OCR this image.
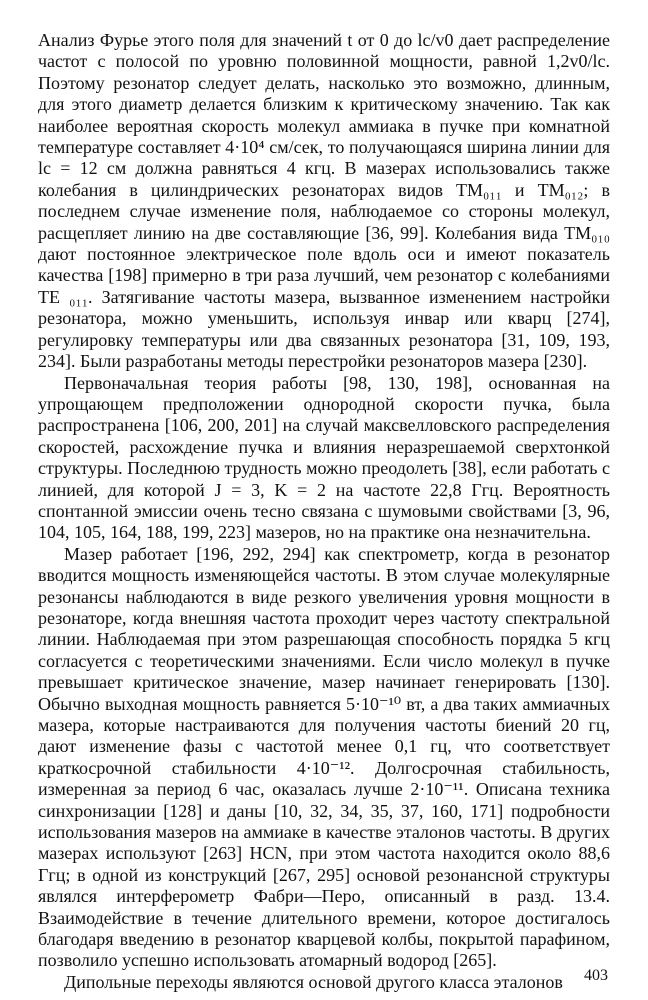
Анализ Фурье этого поля для значений t от 0 до lc/v0 дает распределение частот с полосой по уровню половинной мощности, равной 1,2v0/lc. Поэтому резонатор следует делать, насколько это возможно, длинным, для этого диаметр делается близким к критическому значению. Так как наиболее вероятная скорость молекул аммиака в пучке при комнатной температуре составляет 4·10⁴ см/сек, то получающаяся ширина линии для lc = 12 см должна равняться 4 кгц. В мазерах использовались также колебания в цилиндрических резонаторах видов TM₀₁₁ и TM₀₁₂; в последнем случае изменение поля, наблюдаемое со стороны молекул, расщепляет линию на две составляющие [36, 99]. Колебания вида TM₀₁₀ дают постоянное электрическое поле вдоль оси и имеют показатель качества [198] примерно в три раза лучший, чем резонатор с колебаниями TE ₀₁₁. Затягивание частоты мазера, вызванное изменением настройки резонатора, можно уменьшить, используя инвар или кварц [274], регулировку температуры или два связанных резонатора [31, 109, 193, 234]. Были разработаны методы перестройки резонаторов мазера [230].

Первоначальная теория работы [98, 130, 198], основанная на упрощающем предположении однородной скорости пучка, была распространена [106, 200, 201] на случай максвелловского распределения скоростей, расхождение пучка и влияния неразрешаемой сверхтонкой структуры. Последнюю трудность можно преодолеть [38], если работать с линией, для которой J = 3, K = 2 на частоте 22,8 Ггц. Вероятность спонтанной эмиссии очень тесно связана с шумовыми свойствами [3, 96, 104, 105, 164, 188, 199, 223] мазеров, но на практике она незначительна.

Мазер работает [196, 292, 294] как спектрометр, когда в резонатор вводится мощность изменяющейся частоты. В этом случае молекулярные резонансы наблюдаются в виде резкого увеличения уровня мощности в резонаторе, когда внешняя частота проходит через частоту спектральной линии. Наблюдаемая при этом разрешающая способность порядка 5 кгц согласуется с теоретическими значениями. Если число молекул в пучке превышает критическое значение, мазер начинает генерировать [130]. Обычно выходная мощность равняется 5·10⁻¹⁰ вт, а два таких аммиачных мазера, которые настраиваются для получения частоты биений 20 гц, дают изменение фазы с частотой менее 0,1 гц, что соответствует краткосрочной стабильности 4·10⁻¹². Долгосрочная стабильность, измеренная за период 6 час, оказалась лучше 2·10⁻¹¹. Описана техника синхронизации [128] и даны [10, 32, 34, 35, 37, 160, 171] подробности использования мазеров на аммиаке в качестве эталонов частоты. В других мазерах используют [263] HCN, при этом частота находится около 88,6 Ггц; в одной из конструкций [267, 295] основой резонансной структуры являлся интерферометр Фабри—Перо, описанный в разд. 13.4. Взаимодействие в течение длительного времени, которое достигалось благодаря введению в резонатор кварцевой колбы, покрытой парафином, позволило успешно использовать атомарный водород [265].

Дипольные переходы являются основой другого класса эталонов	403
